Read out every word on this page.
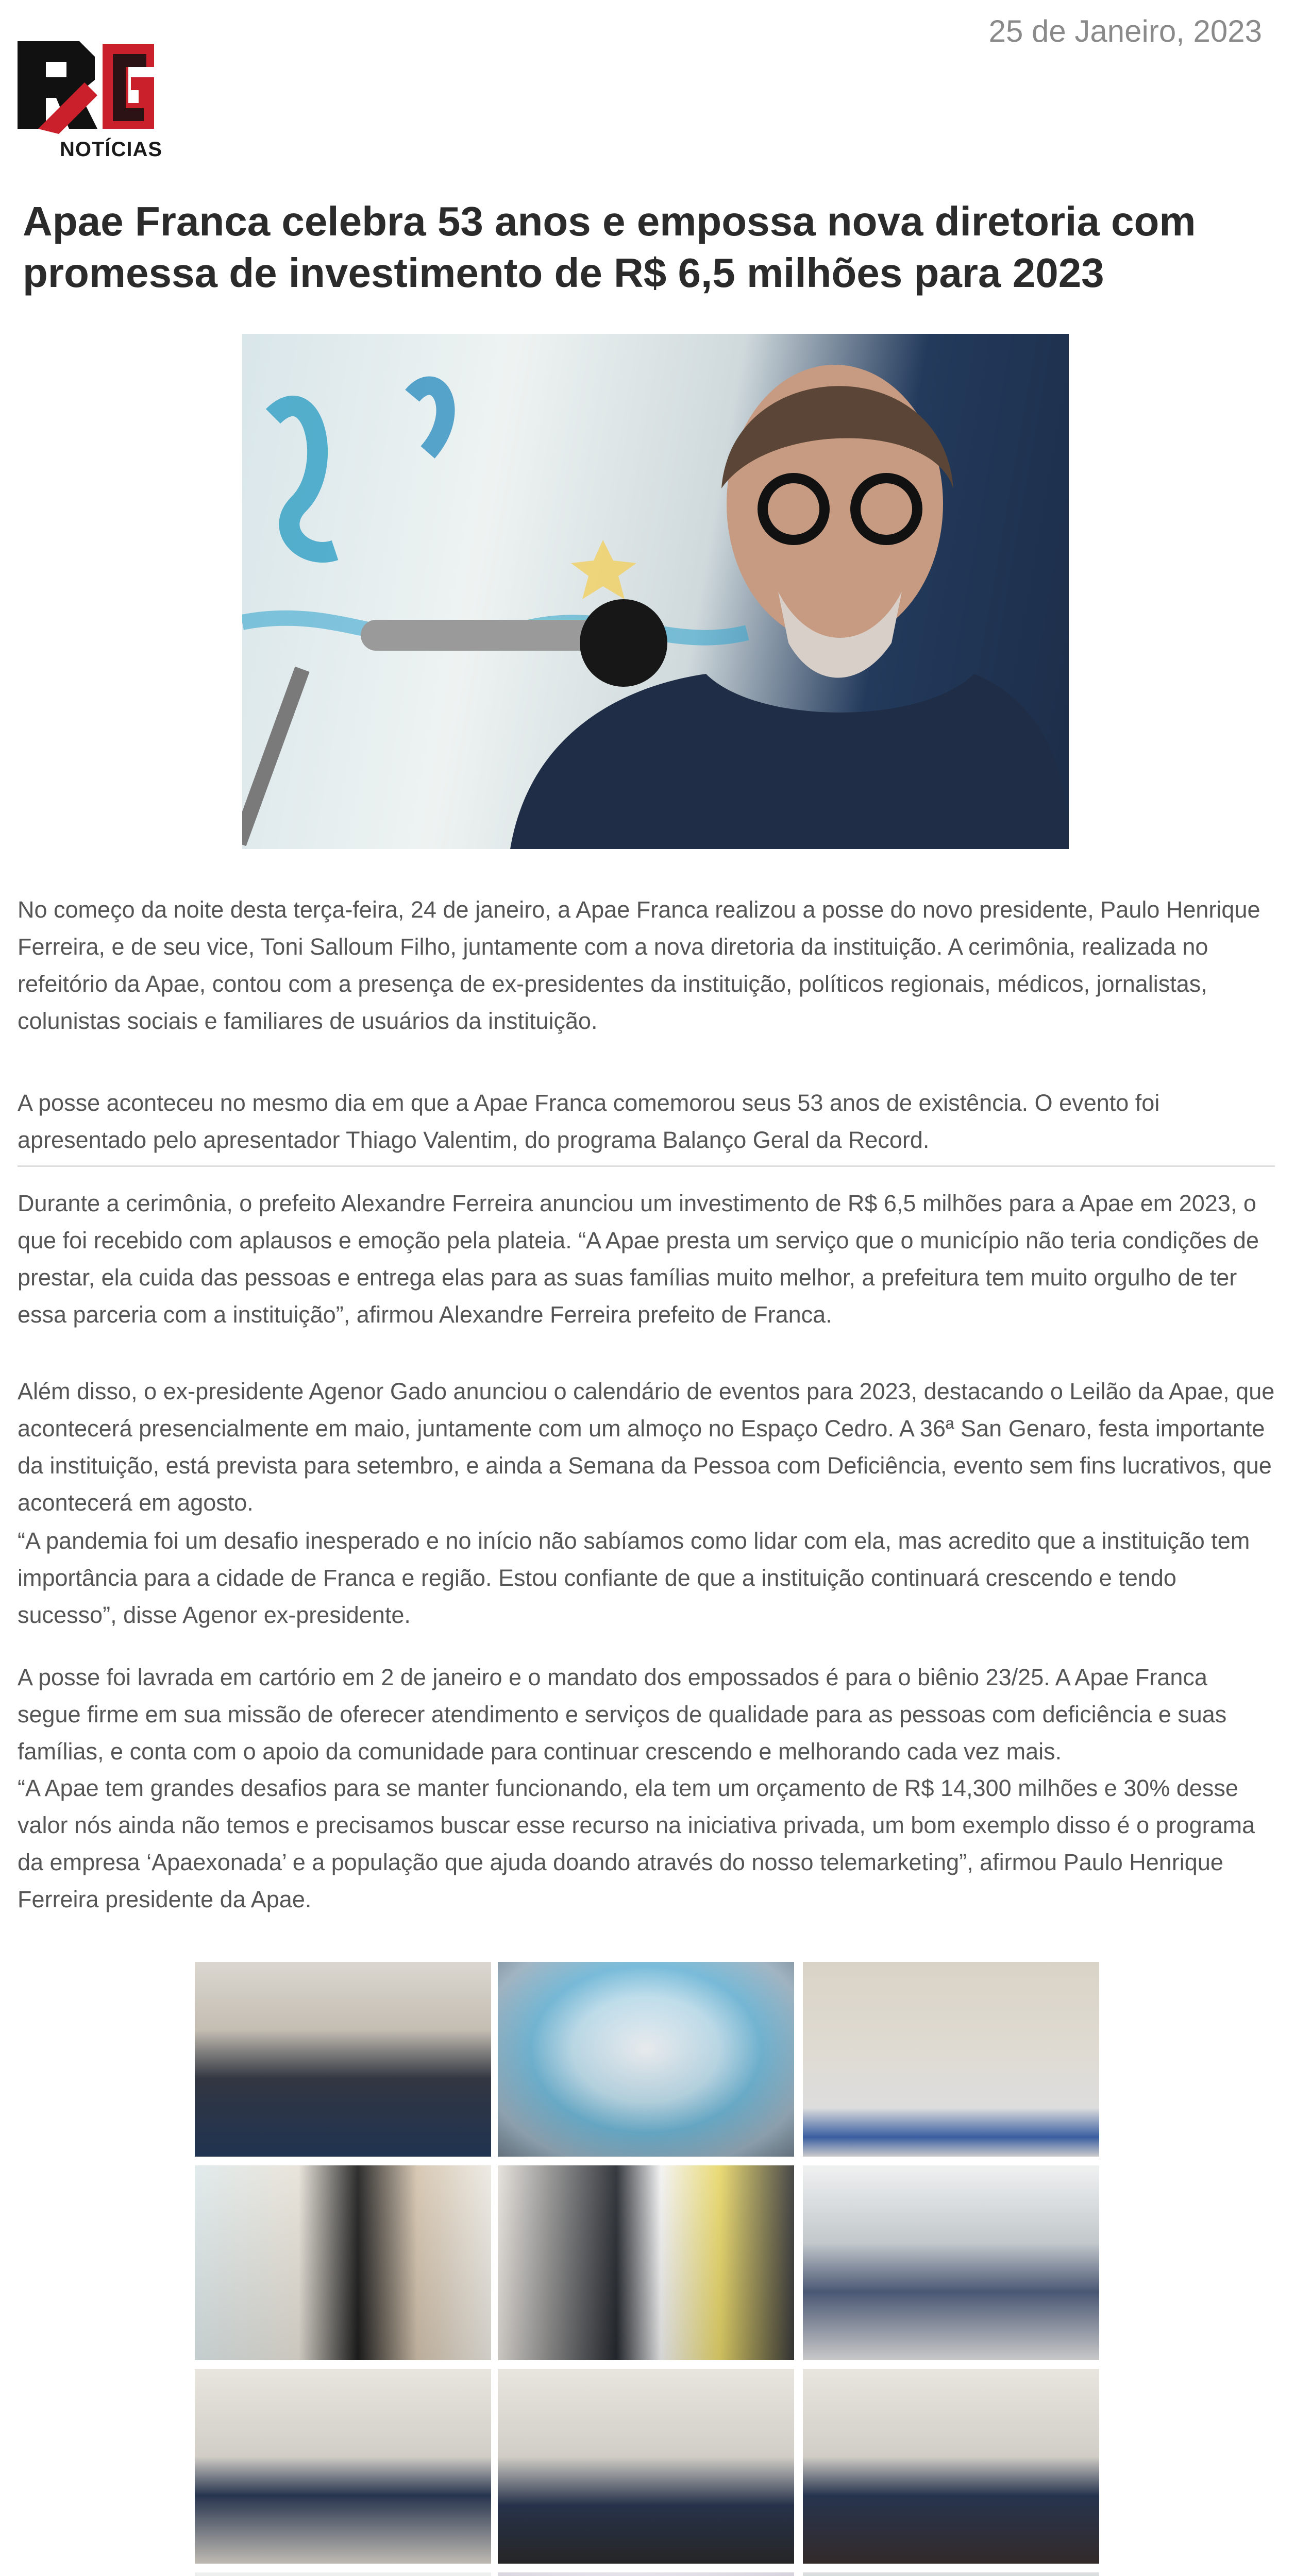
NOTÍCIAS
25 de Janeiro, 2023
Apae Franca celebra 53 anos e empossa nova diretoria com promessa de investimento de R$ 6,5 milhões para 2023

No começo da noite desta terça-feira, 24 de janeiro, a Apae Franca realizou a posse do novo presidente, Paulo Henrique Ferreira, e de seu vice, Toni Salloum Filho, juntamente com a nova diretoria da instituição. A cerimônia, realizada no refeitório da Apae, contou com a presença de ex-presidentes da instituição, políticos regionais, médicos, jornalistas, colunistas sociais e familiares de usuários da instituição.

A posse aconteceu no mesmo dia em que a Apae Franca comemorou seus 53 anos de existência. O evento foi apresentado pelo apresentador Thiago Valentim, do programa Balanço Geral da Record.

Durante a cerimônia, o prefeito Alexandre Ferreira anunciou um investimento de R$ 6,5 milhões para a Apae em 2023, o que foi recebido com aplausos e emoção pela plateia. “A Apae presta um serviço que o município não teria condições de prestar, ela cuida das pessoas e entrega elas para as suas famílias muito melhor, a prefeitura tem muito orgulho de ter essa parceria com a instituição”, afirmou Alexandre Ferreira prefeito de Franca.

Além disso, o ex-presidente Agenor Gado anunciou o calendário de eventos para 2023, destacando o Leilão da Apae, que acontecerá presencialmente em maio, juntamente com um almoço no Espaço Cedro. A 36ª San Genaro, festa importante da instituição, está prevista para setembro, e ainda a Semana da Pessoa com Deficiência, evento sem fins lucrativos, que acontecerá em agosto.

“A pandemia foi um desafio inesperado e no início não sabíamos como lidar com ela, mas acredito que a instituição tem importância para a cidade de Franca e região. Estou confiante de que a instituição continuará crescendo e tendo sucesso”, disse Agenor ex-presidente.

A posse foi lavrada em cartório em 2 de janeiro e o mandato dos empossados é para o biênio 23/25. A Apae Franca segue firme em sua missão de oferecer atendimento e serviços de qualidade para as pessoas com deficiência e suas famílias, e conta com o apoio da comunidade para continuar crescendo e melhorando cada vez mais.

“A Apae tem grandes desafios para se manter funcionando, ela tem um orçamento de R$ 14,300 milhões e 30% desse valor nós ainda não temos e precisamos buscar esse recurso na iniciativa privada, um bom exemplo disso é o programa da empresa ‘Apaexonada’ e a população que ajuda doando através do nosso telemarketing”, afirmou Paulo Henrique Ferreira presidente da Apae.
